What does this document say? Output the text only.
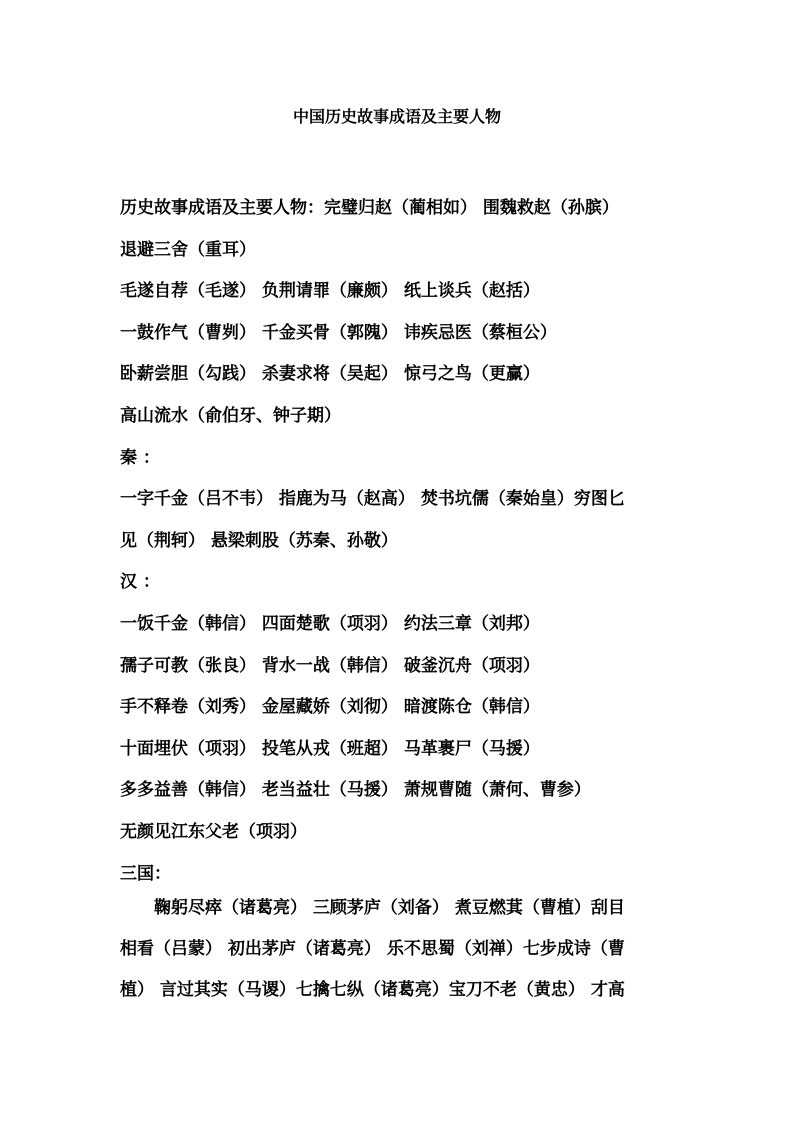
中国历史故事成语及主要人物
历史故事成语及主要人物：完璧归赵（蔺相如） 围魏救赵（孙膑）
退避三舍（重耳）
毛遂自荐（毛遂） 负荆请罪（廉颇） 纸上谈兵（赵括）
一鼓作气（曹刿） 千金买骨（郭隗） 讳疾忌医（蔡桓公）
卧薪尝胆（勾践） 杀妻求将（吴起） 惊弓之鸟（更赢）
高山流水（俞伯牙、钟子期）
秦 ：
一字千金（吕不韦） 指鹿为马（赵高） 焚书坑儒（秦始皇）穷图匕
见（荆轲） 悬梁刺股（苏秦、孙敬）
汉 ：
一饭千金（韩信） 四面楚歌（项羽） 约法三章（刘邦）
孺子可教（张良） 背水一战（韩信） 破釜沉舟（项羽）
手不释卷（刘秀） 金屋藏娇（刘彻） 暗渡陈仓（韩信）
十面埋伏（项羽） 投笔从戎（班超） 马革裹尸（马援）
多多益善（韩信） 老当益壮（马援） 萧规曹随（萧何、曹参）
无颜见江东父老（项羽）
三国：
鞠躬尽瘁（诸葛亮） 三顾茅庐（刘备） 煮豆燃萁（曹植）刮目
相看（吕蒙） 初出茅庐（诸葛亮） 乐不思蜀（刘禅）七步成诗（曹
植） 言过其实（马谡）七擒七纵（诸葛亮）宝刀不老（黄忠） 才高
